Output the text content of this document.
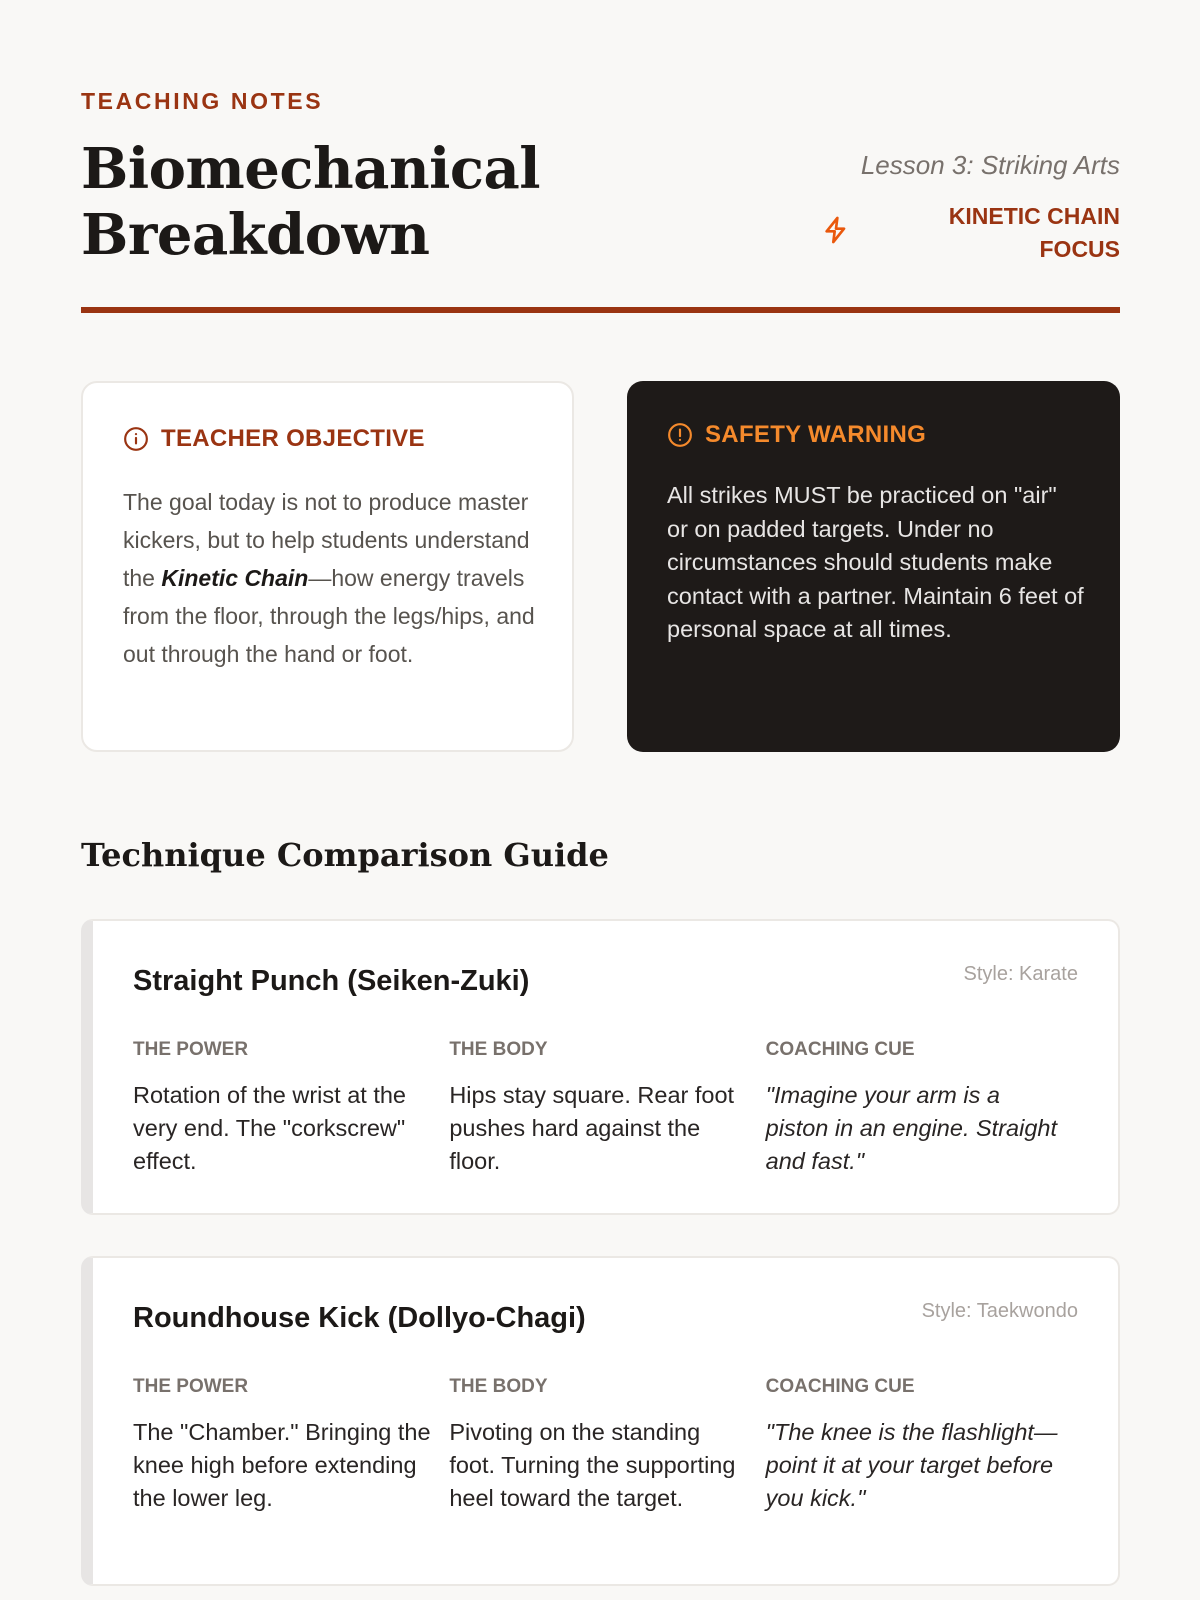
TEACHING NOTES
Biomechanical
Breakdown
Lesson 3: Striking Arts
KINETIC CHAIN
FOCUS
TEACHER OBJECTIVE

The goal today is not to produce master kickers, but to help students understand the Kinetic Chain—how energy travels from the floor, through the legs/hips, and out through the hand or foot.

SAFETY WARNING

All strikes MUST be practiced on "air" or on padded targets. Under no circumstances should students make contact with a partner. Maintain 6 feet of personal space at all times.

Technique Comparison Guide
Straight Punch (Seiken-Zuki)	Style: Karate
THE POWER
Rotation of the wrist at the very end. The "corkscrew" effect.
THE BODY
Hips stay square. Rear foot pushes hard against the floor.
COACHING CUE
"Imagine your arm is a piston in an engine. Straight and fast."
Roundhouse Kick (Dollyo-Chagi)	Style: Taekwondo
THE POWER
The "Chamber." Bringing the knee high before extending the lower leg.
THE BODY
Pivoting on the standing foot. Turning the supporting heel toward the target.
COACHING CUE
"The knee is the flashlight—point it at your target before you kick."
